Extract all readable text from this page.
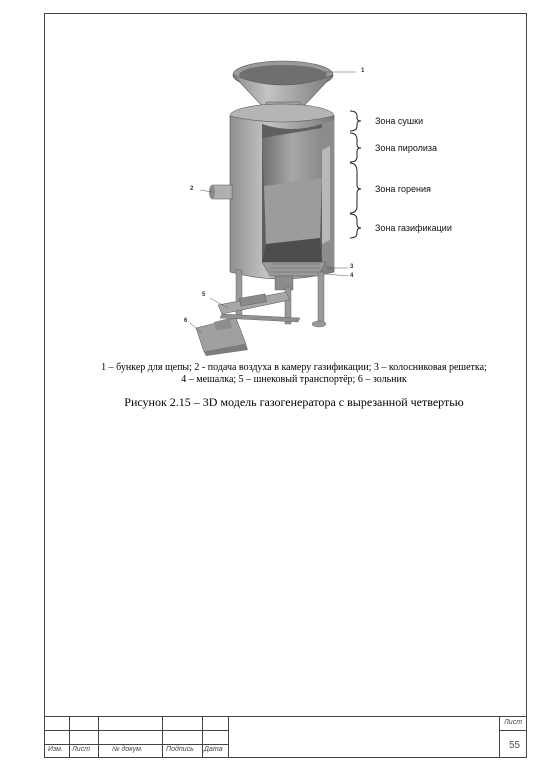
1
2
3
4
5
6
Зона сушки
Зона пиролиза
Зона горения
Зона газификации
1 – бункер для щепы; 2 - подача воздуха в камеру газификации; 3 – колосниковая решетка;
4 – мешалка; 5 – шнековый транспортёр; 6 – зольник
Рисунок 2.15 – 3D модель газогенератора с вырезанной четвертью
Изм. Лист	№ докум.	Подпись Дата
Лист
55
